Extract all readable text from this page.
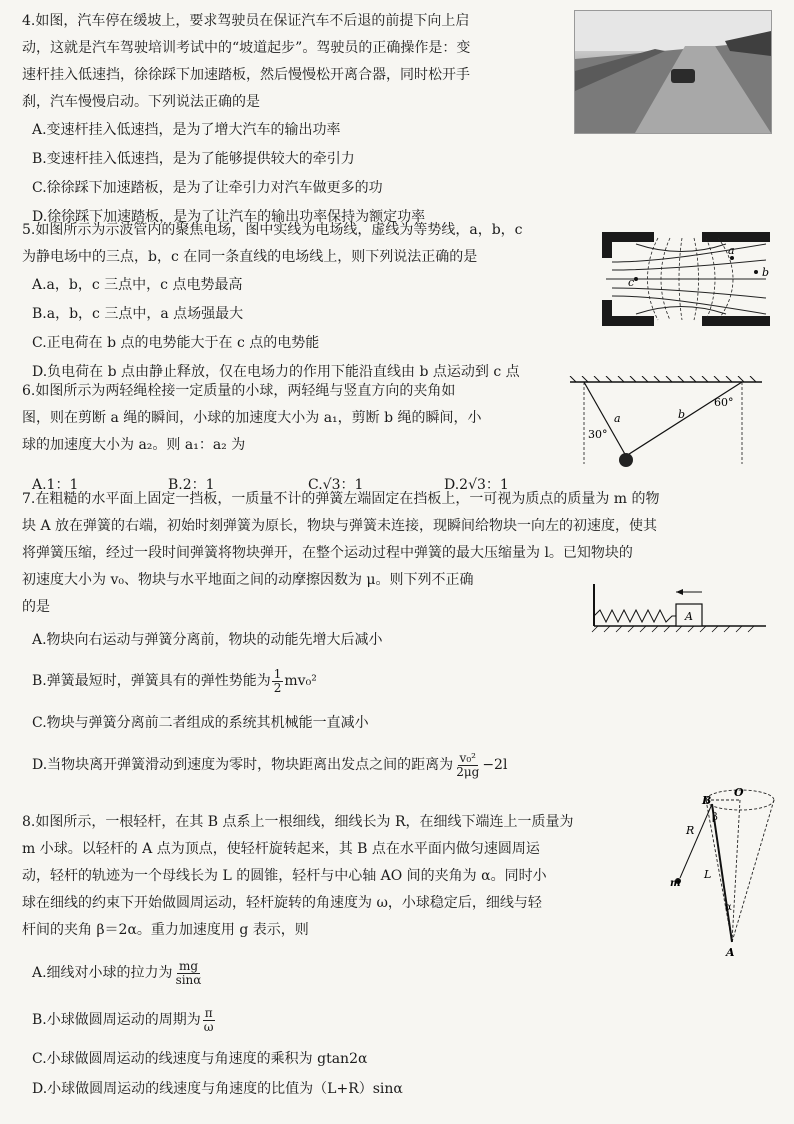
4.如图，汽车停在缓坡上，要求驾驶员在保证汽车不后退的前提下向上启
动，这就是汽车驾驶培训考试中的“坡道起步”。驾驶员的正确操作是：变
速杆挂入低速挡，徐徐踩下加速踏板，然后慢慢松开离合器，同时松开手
刹，汽车慢慢启动。下列说法正确的是
A.变速杆挂入低速挡，是为了增大汽车的输出功率
B.变速杆挂入低速挡，是为了能够提供较大的牵引力
C.徐徐踩下加速踏板，是为了让牵引力对汽车做更多的功
D.徐徐踩下加速踏板，是为了让汽车的输出功率保持为额定功率
5.如图所示为示波管内的聚焦电场，图中实线为电场线，虚线为等势线，a，b，c
为静电场中的三点，b，c 在同一条直线的电场线上，则下列说法正确的是
A.a，b，c 三点中，c 点电势最高
B.a，b，c 三点中，a 点场强最大
C.正电荷在 b 点的电势能大于在 c 点的电势能
D.负电荷在 b 点由静止释放，仅在电场力的作用下能沿直线由 b 点运动到 c 点
c
a
b
6.如图所示为两轻绳栓接一定质量的小球，两轻绳与竖直方向的夹角如
图，则在剪断 a 绳的瞬间，小球的加速度大小为 a₁，剪断 b 绳的瞬间，小
球的加速度大小为 a₂。则 a₁：a₂ 为
A.1：1	B.2：1	C.√3：1	D.2√3：1
30°
60°
a	b
7.在粗糙的水平面上固定一挡板，一质量不计的弹簧左端固定在挡板上，一可视为质点的质量为 m 的物
块 A 放在弹簧的右端，初始时刻弹簧为原长，物块与弹簧未连接，现瞬间给物块一向左的初速度，使其
将弹簧压缩，经过一段时间弹簧将物块弹开，在整个运动过程中弹簧的最大压缩量为 l。已知物块的
初速度大小为 v₀、物块与水平地面之间的动摩擦因数为 μ。则下列不正确
的是
A.物块向右运动与弹簧分离前，物块的动能先增大后减小
B.弹簧最短时，弹簧具有的弹性势能为 $\frac{1}{2} mv_0^2$
C.物块与弹簧分离前二者组成的系统其机械能一直减小
D.当物块离开弹簧滑动到速度为零时，物块距离出发点之间的距离为 $\frac{\text{v₀²}}{2\mu g} -2l$
A
8.如图所示，一根轻杆，在其 B 点系上一根细线，细线长为 R，在细线下端连上一质量为
m 小球。以轻杆的 A 点为顶点，使轻杆旋转起来，其 B 点在水平面内做匀速圆周运
动，轻杆的轨迹为一个母线长为 L 的圆锥，轻杆与中心轴 AO 间的夹角为 α。同时小
球在细线的约束下开始做圆周运动，轻杆旋转的角速度为 ω，小球稳定后，细线与轻
杆间的夹角 β＝2α。重力加速度用 g 表示，则
A.细线对小球的拉力为 $\frac{mg}{\sin\alpha}$
B.小球做圆周运动的周期为 $\frac{\pi}{\omega}$
C.小球做圆周运动的线速度与角速度的乘积为 gtan2α
D.小球做圆周运动的线速度与角速度的比值为（L+R）sinα
B
O
β
R
L
α
m
A
